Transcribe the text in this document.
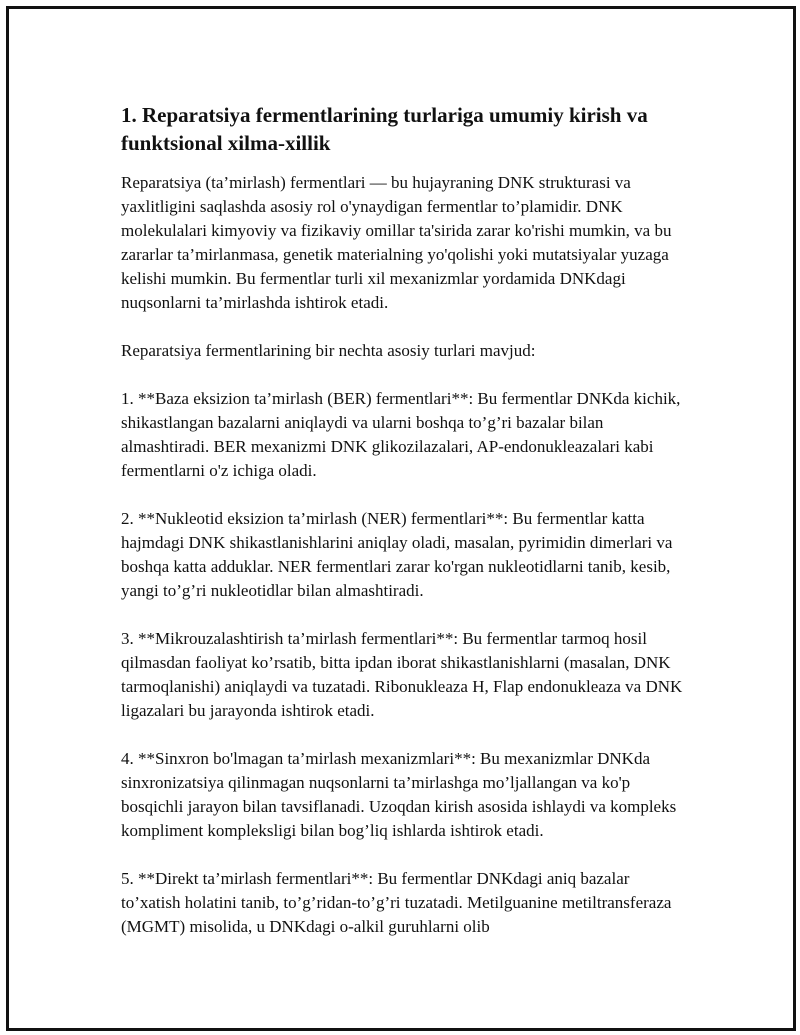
1. Reparatsiya fermentlarining turlariga umumiy kirish va funktsional xilma-xillik

Reparatsiya (ta’mirlash) fermentlari — bu hujayraning DNK strukturasi va yaxlitligini saqlashda asosiy rol o'ynaydigan fermentlar to’plamidir. DNK molekulalari kimyoviy va fizikaviy omillar ta'sirida zarar ko'rishi mumkin, va bu zararlar ta’mirlanmasa, genetik materialning yo'qolishi yoki mutatsiyalar yuzaga kelishi mumkin. Bu fermentlar turli xil mexanizmlar yordamida DNKdagi nuqsonlarni ta’mirlashda ishtirok etadi.

Reparatsiya fermentlarining bir nechta asosiy turlari mavjud:

1. **Baza eksizion ta’mirlash (BER) fermentlari**: Bu fermentlar DNKda kichik, shikastlangan bazalarni aniqlaydi va ularni boshqa to’g’ri bazalar bilan almashtiradi. BER mexanizmi DNK glikozilazalari, AP-endonukleazalari kabi fermentlarni o'z ichiga oladi.

2. **Nukleotid eksizion ta’mirlash (NER) fermentlari**: Bu fermentlar katta hajmdagi DNK shikastlanishlarini aniqlay oladi, masalan, pyrimidin dimerlari va boshqa katta adduklar. NER fermentlari zarar ko'rgan nukleotidlarni tanib, kesib, yangi to’g’ri nukleotidlar bilan almashtiradi.

3. **Mikrouzalashtirish ta’mirlash fermentlari**: Bu fermentlar tarmoq hosil qilmasdan faoliyat ko’rsatib, bitta ipdan iborat shikastlanishlarni (masalan, DNK tarmoqlanishi) aniqlaydi va tuzatadi. Ribonukleaza H, Flap endonukleaza va DNK ligazalari bu jarayonda ishtirok etadi.

4. **Sinxron bo'lmagan ta’mirlash mexanizmlari**: Bu mexanizmlar DNKda sinxronizatsiya qilinmagan nuqsonlarni ta’mirlashga mo’ljallangan va ko'p bosqichli jarayon bilan tavsiflanadi. Uzoqdan kirish asosida ishlaydi va kompleks kompliment kompleksligi bilan bog’liq ishlarda ishtirok etadi.

5. **Direkt ta’mirlash fermentlari**: Bu fermentlar DNKdagi aniq bazalar to’xatish holatini tanib, to’g’ridan-to’g’ri tuzatadi. Metilguanine metiltransferaza (MGMT) misolida, u DNKdagi o-alkil guruhlarni olib
